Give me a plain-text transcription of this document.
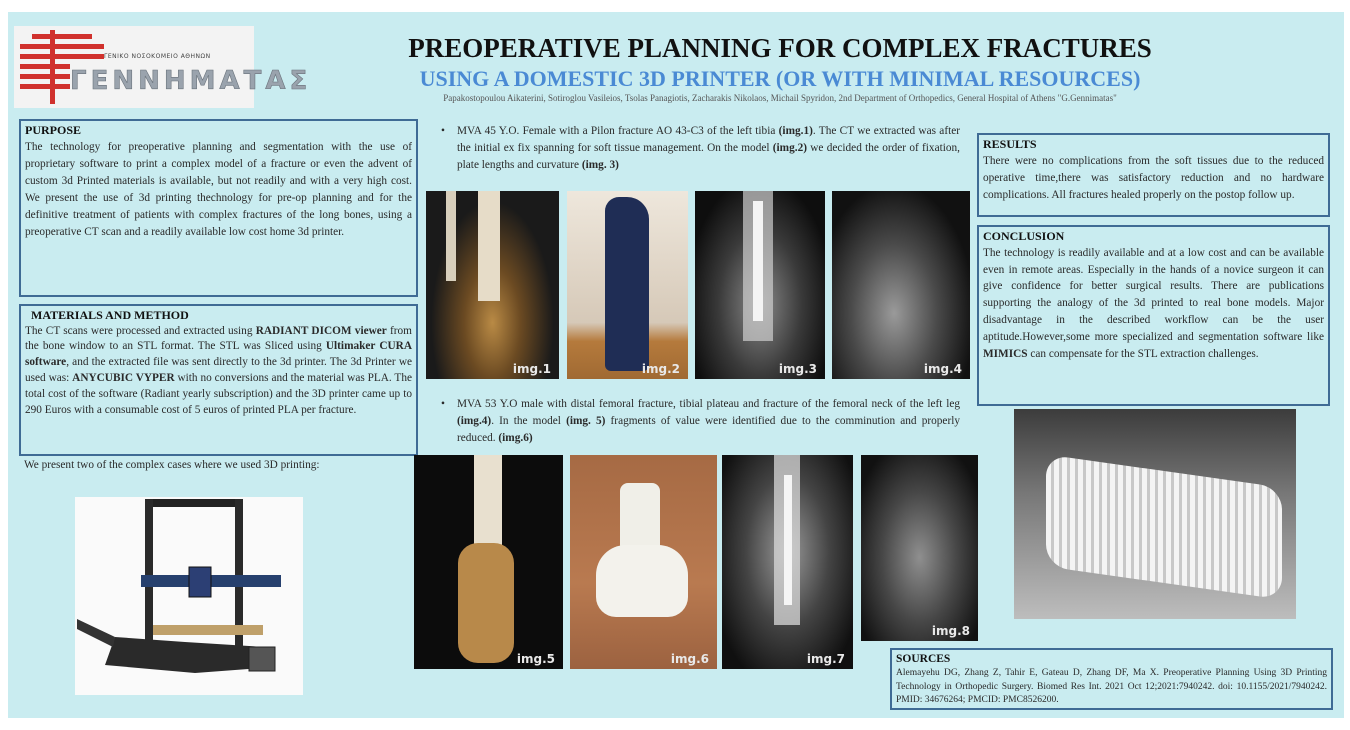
ΓΕΝΙΚΟ ΝΟΣΟΚΟΜΕΙΟ ΑΘΗΝΩΝ
ΓΕΝΝΗΜΑΤΑΣ
PREOPERATIVE PLANNING FOR COMPLEX FRACTURES
USING A DOMESTIC 3D PRINTER (OR WITH MINIMAL RESOURCES)
Papakostopoulou Aikaterini, Sotiroglou Vasileios, Tsolas Panagiotis, Zacharakis Nikolaos, Michail Spyridon, 2nd Department of Orthopedics, General Hospital of Athens "G.Gennimatas"
PURPOSE
The technology for preoperative planning and segmentation with the use of proprietary software to print a complex model of a fracture or even the advent of custom 3d Printed materials is available, but not readily and with a very high cost. We present the use of 3d printing thechnology for pre-op planning and for the definitive treatment of patients with complex fractures of the long bones, using a preoperative CT scan and a readily available low cost home 3d printer.
MATERIALS AND METHOD
The CT scans were processed and extracted using RADIANT DICOM viewer from the bone window to an STL format. The STL was Sliced using Ultimaker CURA software, and the extracted file was sent directly to the 3d printer. The 3d Printer we used was: ANYCUBIC VYPER with no conversions and the material was PLA. The total cost of the software (Radiant yearly subscription) and the 3D printer came up to 290 Euros with a consumable cost of 5 euros of printed PLA per fracture.
We present two of the complex cases where we used 3D printing:
• MVA 45 Y.O. Female with a Pilon fracture AO 43-C3 of the left tibia (img.1). The CT we extracted was after the initial ex fix spanning for soft tissue management. On the model (img.2) we decided the order of fixation, plate lengths and curvature (img. 3)
img.1	img.2	img.3	img.4
• MVA 53 Y.O male with distal femoral fracture, tibial plateau and fracture of the femoral neck of the left leg (img.4). In the model (img. 5) fragments of value were identified due to the comminution and properly reduced. (img.6)
img.5	img.6	img.7
img.8
RESULTS
There were no complications from the soft tissues due to the reduced operative time,there was satisfactory reduction and no hardware complications. All fractures healed properly on the postop follow up.
CONCLUSION
The technology is readily available and at a low cost and can be available even in remote areas. Especially in the hands of a novice surgeon it can give confidence for better surgical results. There are publications supporting the analogy of the 3d printed to real bone models. Major disadvantage in the described workflow can be the user aptitude.However,some more specialized and segmentation software like MIMICS can compensate for the STL extraction challenges.
SOURCES
Alemayehu DG, Zhang Z, Tahir E, Gateau D, Zhang DF, Ma X. Preoperative Planning Using 3D Printing Technology in Orthopedic Surgery. Biomed Res Int. 2021 Oct 12;2021:7940242. doi: 10.1155/2021/7940242. PMID: 34676264; PMCID: PMC8526200.
